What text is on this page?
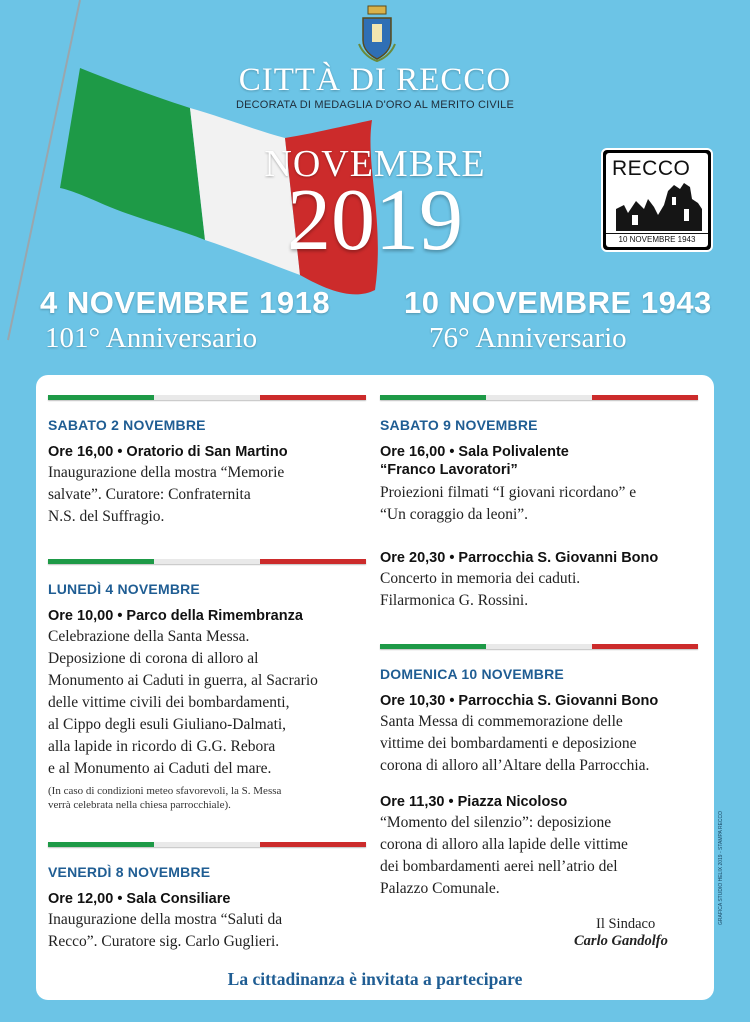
CITTÀ DI RECCO
DECORATA DI MEDAGLIA D'ORO AL MERITO CIVILE
NOVEMBRE
2019
RECCO
10 NOVEMBRE 1943
4 NOVEMBRE 1918
101° Anniversario
10 NOVEMBRE 1943
76° Anniversario
SABATO 2 NOVEMBRE
Ore 16,00 • Oratorio di San Martino
Inaugurazione della mostra “Memorie
salvate”. Curatore: Confraternita
N.S. del Suffragio.
LUNEDÌ 4 NOVEMBRE
Ore 10,00 • Parco della Rimembranza
Celebrazione della Santa Messa.
Deposizione di corona di alloro al
Monumento ai Caduti in guerra, al Sacrario
delle vittime civili dei bombardamenti,
al Cippo degli esuli Giuliano-Dalmati,
alla lapide in ricordo di G.G. Rebora
e al Monumento ai Caduti del mare.
(In caso di condizioni meteo sfavorevoli, la S. Messa
verrà celebrata nella chiesa parrocchiale).
VENERDÌ 8 NOVEMBRE
Ore 12,00 • Sala Consiliare
Inaugurazione della mostra “Saluti da
Recco”. Curatore sig. Carlo Guglieri.
SABATO 9 NOVEMBRE
Ore 16,00 • Sala Polivalente
“Franco Lavoratori”
Proiezioni filmati “I giovani ricordano” e
“Un coraggio da leoni”.
Ore 20,30 • Parrocchia S. Giovanni Bono
Concerto in memoria dei caduti.
Filarmonica G. Rossini.
DOMENICA 10 NOVEMBRE
Ore 10,30 • Parrocchia S. Giovanni Bono
Santa Messa di commemorazione delle
vittime dei bombardamenti e deposizione
corona di alloro all’Altare della Parrocchia.
Ore 11,30 • Piazza Nicoloso
“Momento del silenzio”: deposizione
corona di alloro alla lapide delle vittime
dei bombardamenti aerei nell’atrio del
Palazzo Comunale.
Il Sindaco
Carlo Gandolfo
La cittadinanza è invitata a partecipare
GRAFICA STUDIO HELIX 2019 - STAMPA RECCO
